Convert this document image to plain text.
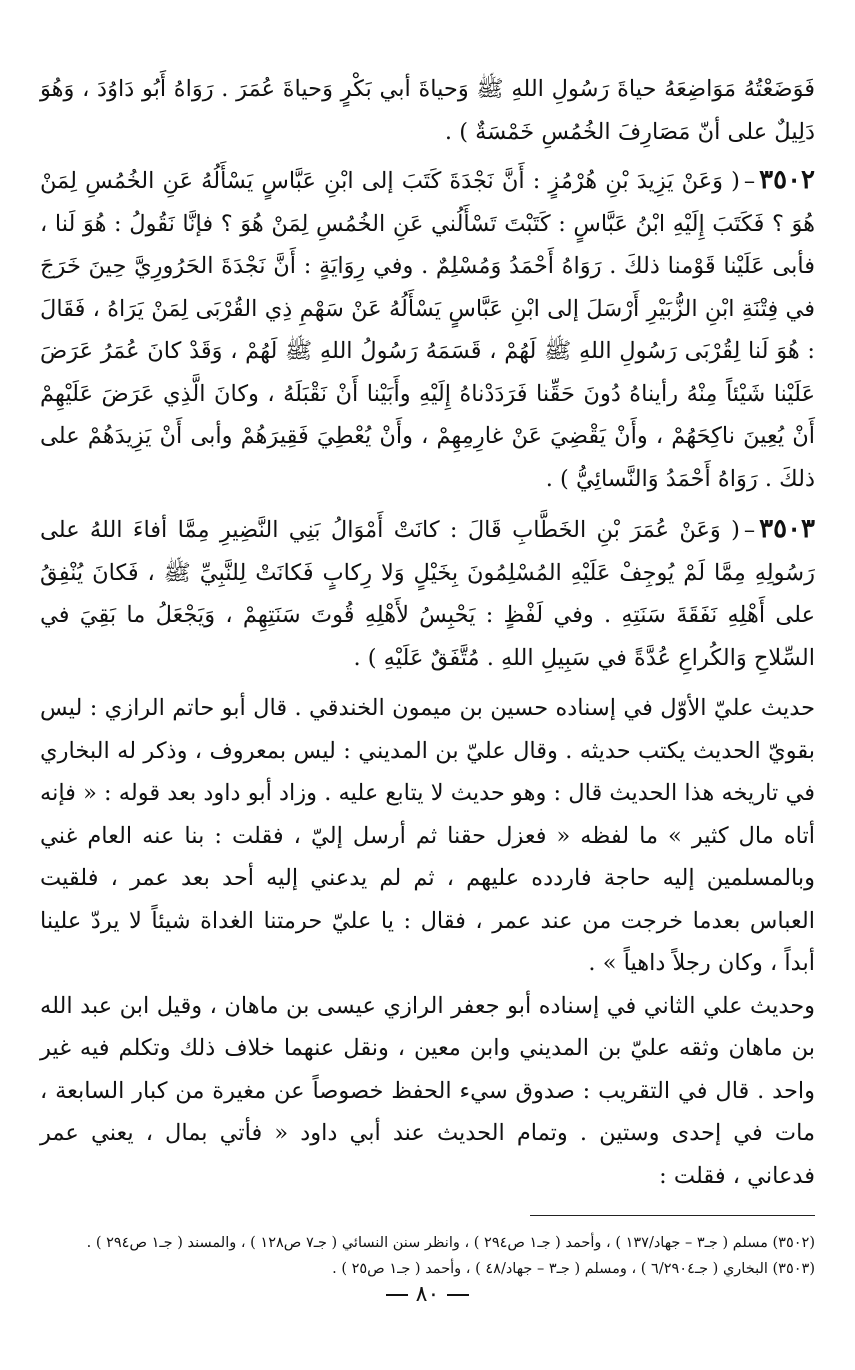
فَوَضَعْتُهُ مَوَاضِعَهُ حياةَ رَسُولِ اللهِ ﷺ وَحياةَ أبي بَكْرٍ وَحياةَ عُمَرَ . رَوَاهُ أَبُو دَاوُدَ ، وَهُوَ دَلِيلٌ على أنّ مَصَارِفَ الخُمُسِ خَمْسَةٌ ) .

٣٥٠٢–( وَعَنْ يَزِيدَ بْنِ هُرْمُزٍ : أَنَّ نَجْدَةَ كَتَبَ إلى ابْنِ عَبَّاسٍ يَسْأَلُهُ عَنِ الخُمُسِ لِمَنْ هُوَ ؟ فَكَتَبَ إِلَيْهِ ابْنُ عَبَّاسٍ : كَتَبْتَ تَسْأَلُني عَنِ الخُمُسِ لِمَنْ هُوَ ؟ فإنَّا نَقُولُ : هُوَ لَنا ، فأبى عَلَيْنا قَوْمنا ذلكَ . رَوَاهُ أَحْمَدُ وَمُسْلِمٌ . وفي رِوَايَةٍ : أَنَّ نَجْدَةَ الحَرُورِيَّ حِينَ خَرَجَ في فِتْنَةِ ابْنِ الزُّبَيْرِ أَرْسَلَ إلى ابْنِ عَبَّاسٍ يَسْأَلُهُ عَنْ سَهْمِ ذِي القُرْبَى لِمَنْ يَرَاهُ ، فَقَالَ : هُوَ لَنا لِقُرْبَى رَسُولِ اللهِ ﷺ لَهُمْ ، قَسَمَهُ رَسُولُ اللهِ ﷺ لَهُمْ ، وَقَدْ كانَ عُمَرُ عَرَضَ عَلَيْنا شَيْئاً مِنْهُ رأيناهُ دُونَ حَقِّنا فَرَدَدْناهُ إِلَيْهِ وأَبَيْنا أَنْ نَقْبَلَهُ ، وكانَ الَّذِي عَرَضَ عَلَيْهِمْ أَنْ يُعِينَ ناكِحَهُمْ ، وأَنْ يَقْضِيَ عَنْ غارِمِهِمْ ، وأَنْ يُعْطِيَ فَقِيرَهُمْ وأبى أَنْ يَزِيدَهُمْ على ذلكَ . رَوَاهُ أَحْمَدُ وَالنَّسائِيُّ ) .

٣٥٠٣–( وَعَنْ عُمَرَ بْنِ الخَطَّابِ قَالَ : كانَتْ أَمْوَالُ بَنِي النَّضِيرِ مِمَّا أفاءَ اللهُ على رَسُولِهِ مِمَّا لَمْ يُوجِفْ عَلَيْهِ المُسْلِمُونَ بِخَيْلٍ وَلا رِكابٍ فَكانَتْ لِلنَّبِيِّ ﷺ ، فَكانَ يُنْفِقُ على أَهْلِهِ نَفَقَةَ سَنَتِهِ . وفي لَفْظٍ : يَحْبِسُ لأَهْلِهِ قُوتَ سَنَتِهِمْ ، وَيَجْعَلُ ما بَقِيَ في السِّلاحِ وَالكُراعِ عُدَّةً في سَبِيلِ اللهِ . مُتَّفَقٌ عَلَيْهِ ) .

حديث عليّ الأوّل في إسناده حسين بن ميمون الخندقي . قال أبو حاتم الرازي : ليس بقويّ الحديث يكتب حديثه . وقال عليّ بن المديني : ليس بمعروف ، وذكر له البخاري في تاريخه هذا الحديث قال : وهو حديث لا يتابع عليه . وزاد أبو داود بعد قوله : « فإنه أتاه مال كثير » ما لفظه « فعزل حقنا ثم أرسل إليّ ، فقلت : بنا عنه العام غني وبالمسلمين إليه حاجة فاردده عليهم ، ثم لم يدعني إليه أحد بعد عمر ، فلقيت العباس بعدما خرجت من عند عمر ، فقال : يا عليّ حرمتنا الغداة شيئاً لا يردّ علينا أبداً ، وكان رجلاً داهياً » .

وحديث علي الثاني في إسناده أبو جعفر الرازي عيسى بن ماهان ، وقيل ابن عبد الله بن ماهان وثقه عليّ بن المديني وابن معين ، ونقل عنهما خلاف ذلك وتكلم فيه غير واحد . قال في التقريب : صدوق سيء الحفظ خصوصاً عن مغيرة من كبار السابعة ، مات في إحدى وستين . وتمام الحديث عند أبي داود « فأتي بمال ، يعني عمر فدعاني ، فقلت :

(٣٥٠٢) مسلم ( جـ٣ – جهاد/١٣٧ ) ، وأحمد ( جـ١ ص٢٩٤ ) ، وانظر سنن النسائي ( جـ٧ ص١٢٨ ) ، والمسند ( جـ١ ص٢٩٤ ) .

(٣٥٠٣) البخاري ( جـ٦/٢٩٠٤ ) ، ومسلم ( جـ٣ – جهاد/٤٨ ) ، وأحمد ( جـ١ ص٢٥ ) .

٨٠
